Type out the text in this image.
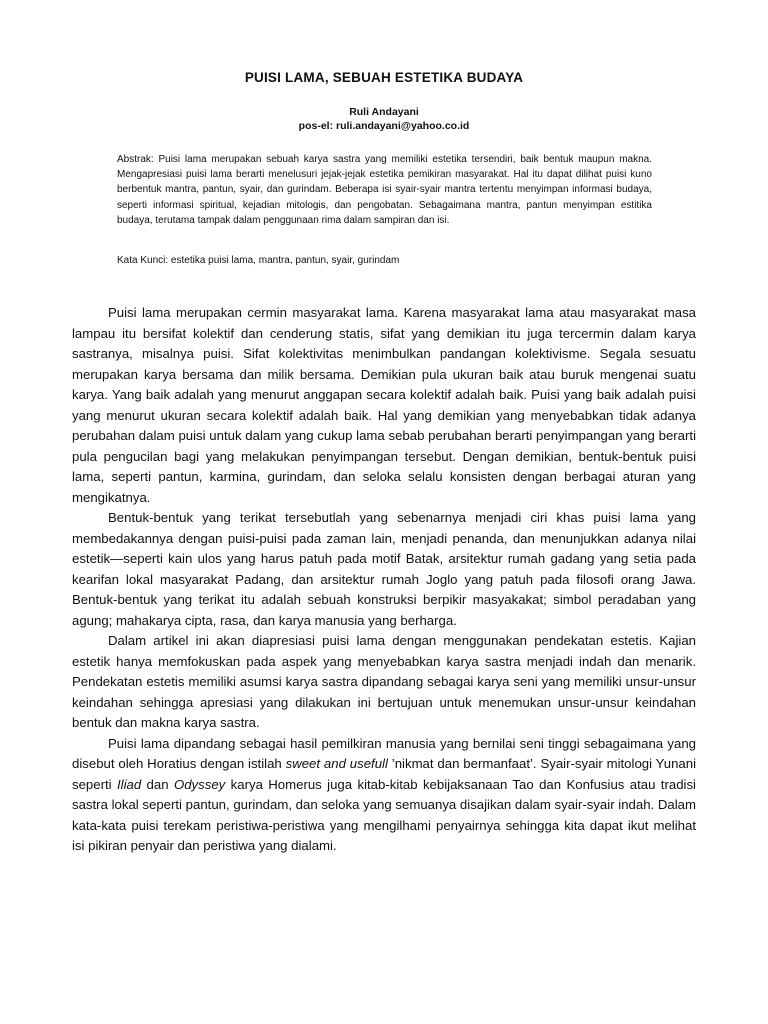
PUISI LAMA, SEBUAH ESTETIKA BUDAYA
Ruli Andayani
pos-el: ruli.andayani@yahoo.co.id
Abstrak: Puisi lama merupakan sebuah karya sastra yang memiliki estetika tersendiri, baik bentuk maupun makna. Mengapresiasi puisi lama berarti menelusuri jejak-jejak estetika pemikiran masyarakat. Hal itu dapat dilihat puisi kuno berbentuk mantra, pantun, syair, dan gurindam. Beberapa isi syair-syair mantra tertentu menyimpan informasi budaya, seperti informasi spiritual, kejadian mitologis, dan pengobatan. Sebagaimana mantra, pantun menyimpan estitika budaya, terutama tampak dalam penggunaan rima dalam sampiran dan isi.
Kata Kunci: estetika puisi lama, mantra, pantun, syair, gurindam

Puisi lama merupakan cermin masyarakat lama. Karena masyarakat lama atau masyarakat masa lampau itu bersifat kolektif dan cenderung statis, sifat yang demikian itu juga tercermin dalam karya sastranya, misalnya puisi. Sifat kolektivitas menimbulkan pandangan kolektivisme. Segala sesuatu merupakan karya bersama dan milik bersama. Demikian pula ukuran baik atau buruk mengenai suatu karya. Yang baik adalah yang menurut anggapan secara kolektif adalah baik. Puisi yang baik adalah puisi yang menurut ukuran secara kolektif adalah baik. Hal yang demikian yang menyebabkan tidak adanya perubahan dalam puisi untuk dalam yang cukup lama sebab perubahan berarti penyimpangan yang berarti pula pengucilan bagi yang melakukan penyimpangan tersebut. Dengan demikian, bentuk-bentuk puisi lama, seperti pantun, karmina, gurindam, dan seloka selalu konsisten dengan berbagai aturan yang mengikatnya.

Bentuk-bentuk yang terikat tersebutlah yang sebenarnya menjadi ciri khas puisi lama yang membedakannya dengan puisi-puisi pada zaman lain, menjadi penanda, dan menunjukkan adanya nilai estetik—seperti kain ulos yang harus patuh pada motif Batak, arsitektur rumah gadang yang setia pada kearifan lokal masyarakat Padang, dan arsitektur rumah Joglo yang patuh pada filosofi orang Jawa. Bentuk-bentuk yang terikat itu adalah sebuah konstruksi berpikir masyakakat; simbol peradaban yang agung; mahakarya cipta, rasa, dan karya manusia yang berharga.

Dalam artikel ini akan diapresiasi puisi lama dengan menggunakan pendekatan estetis. Kajian estetik hanya memfokuskan pada aspek yang menyebabkan karya sastra menjadi indah dan menarik. Pendekatan estetis memiliki asumsi karya sastra dipandang sebagai karya seni yang memiliki unsur-unsur keindahan sehingga apresiasi yang dilakukan ini bertujuan untuk menemukan unsur-unsur keindahan bentuk dan makna karya sastra.

Puisi lama dipandang sebagai hasil pemilkiran manusia yang bernilai seni tinggi sebagaimana yang disebut oleh Horatius dengan istilah sweet and usefull ’nikmat dan bermanfaat’. Syair-syair mitologi Yunani seperti Iliad dan Odyssey karya Homerus juga kitab-kitab kebijaksanaan Tao dan Konfusius atau tradisi sastra lokal seperti pantun, gurindam, dan seloka yang semuanya disajikan dalam syair-syair indah. Dalam kata-kata puisi terekam peristiwa-peristiwa yang mengilhami penyairnya sehingga kita dapat ikut melihat isi pikiran penyair dan peristiwa yang dialami.
